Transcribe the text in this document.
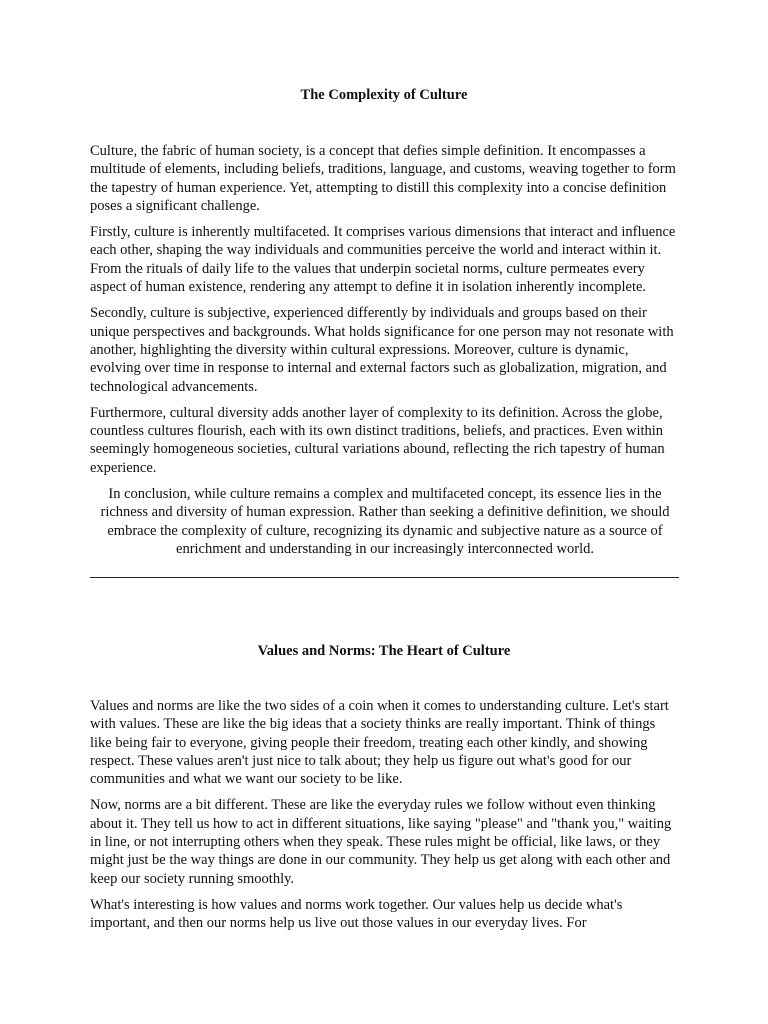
The Complexity of Culture

Culture, the fabric of human society, is a concept that defies simple definition. It encompasses a multitude of elements, including beliefs, traditions, language, and customs, weaving together to form the tapestry of human experience. Yet, attempting to distill this complexity into a concise definition poses a significant challenge.

Firstly, culture is inherently multifaceted. It comprises various dimensions that interact and influence each other, shaping the way individuals and communities perceive the world and interact within it. From the rituals of daily life to the values that underpin societal norms, culture permeates every aspect of human existence, rendering any attempt to define it in isolation inherently incomplete.

Secondly, culture is subjective, experienced differently by individuals and groups based on their unique perspectives and backgrounds. What holds significance for one person may not resonate with another, highlighting the diversity within cultural expressions. Moreover, culture is dynamic, evolving over time in response to internal and external factors such as globalization, migration, and technological advancements.

Furthermore, cultural diversity adds another layer of complexity to its definition. Across the globe, countless cultures flourish, each with its own distinct traditions, beliefs, and practices. Even within seemingly homogeneous societies, cultural variations abound, reflecting the rich tapestry of human experience.

In conclusion, while culture remains a complex and multifaceted concept, its essence lies in the richness and diversity of human expression. Rather than seeking a definitive definition, we should embrace the complexity of culture, recognizing its dynamic and subjective nature as a source of enrichment and understanding in our increasingly interconnected world.

Values and Norms: The Heart of Culture

Values and norms are like the two sides of a coin when it comes to understanding culture. Let's start with values. These are like the big ideas that a society thinks are really important. Think of things like being fair to everyone, giving people their freedom, treating each other kindly, and showing respect. These values aren't just nice to talk about; they help us figure out what's good for our communities and what we want our society to be like.

Now, norms are a bit different. These are like the everyday rules we follow without even thinking about it. They tell us how to act in different situations, like saying "please" and "thank you," waiting in line, or not interrupting others when they speak. These rules might be official, like laws, or they might just be the way things are done in our community. They help us get along with each other and keep our society running smoothly.

What's interesting is how values and norms work together. Our values help us decide what's important, and then our norms help us live out those values in our everyday lives. For
